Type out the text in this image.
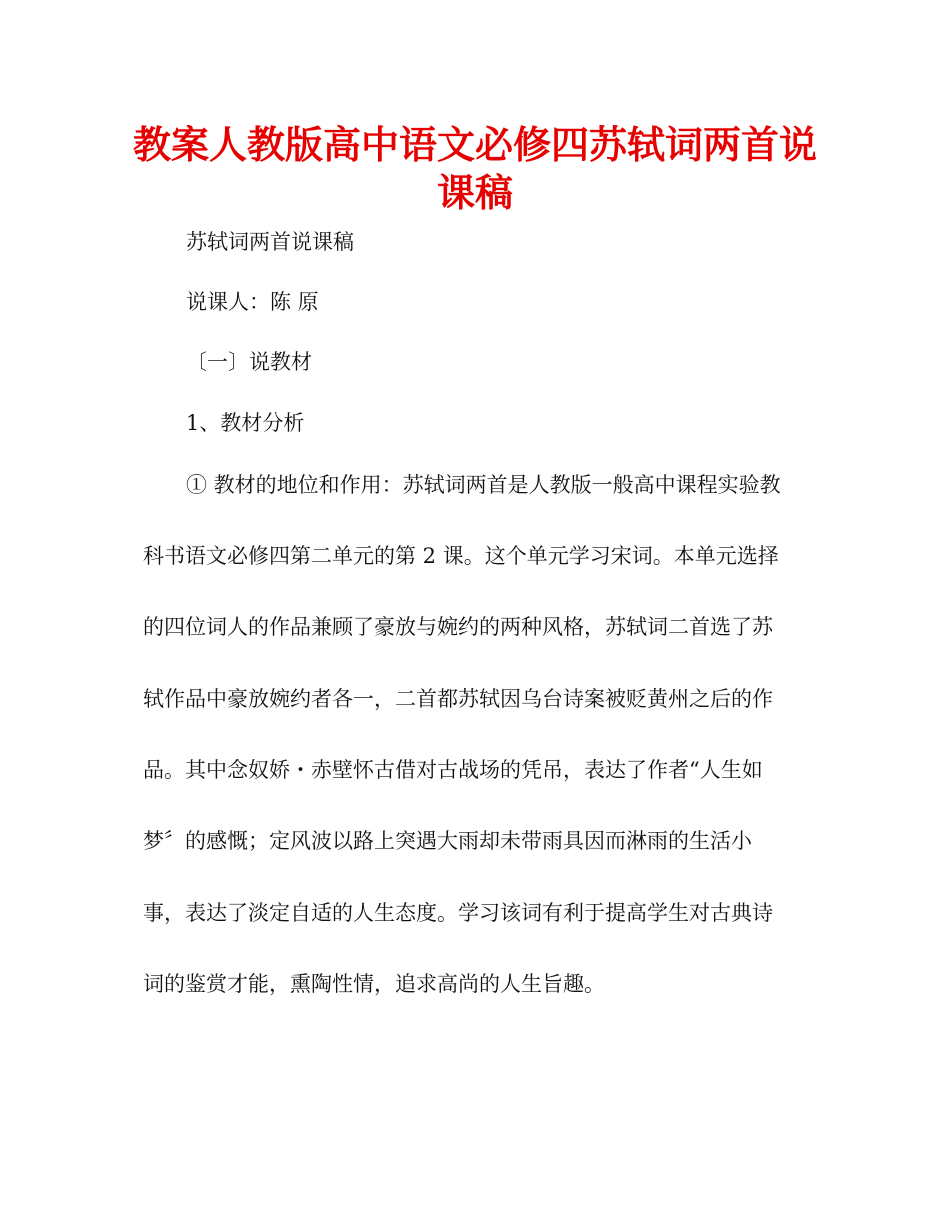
教案人教版高中语文必修四苏轼词两首说
课稿

苏轼词两首说课稿

说课人：陈 原

〔一〕说教材

1、教材分析

① 教材的地位和作用：苏轼词两首是人教版一般高中课程实验教

科书语文必修四第二单元的第 2 课。这个单元学习宋词。本单元选择

的四位词人的作品兼顾了豪放与婉约的两种风格，苏轼词二首选了苏

轼作品中豪放婉约者各一，二首都苏轼因乌台诗案被贬黄州之后的作

品。其中念奴娇・赤壁怀古借对古战场的凭吊，表达了作者“人生如

梦〞的感慨；定风波以路上突遇大雨却未带雨具因而淋雨的生活小

事，表达了淡定自适的人生态度。学习该词有利于提高学生对古典诗

词的鉴赏才能，熏陶性情，追求高尚的人生旨趣。
